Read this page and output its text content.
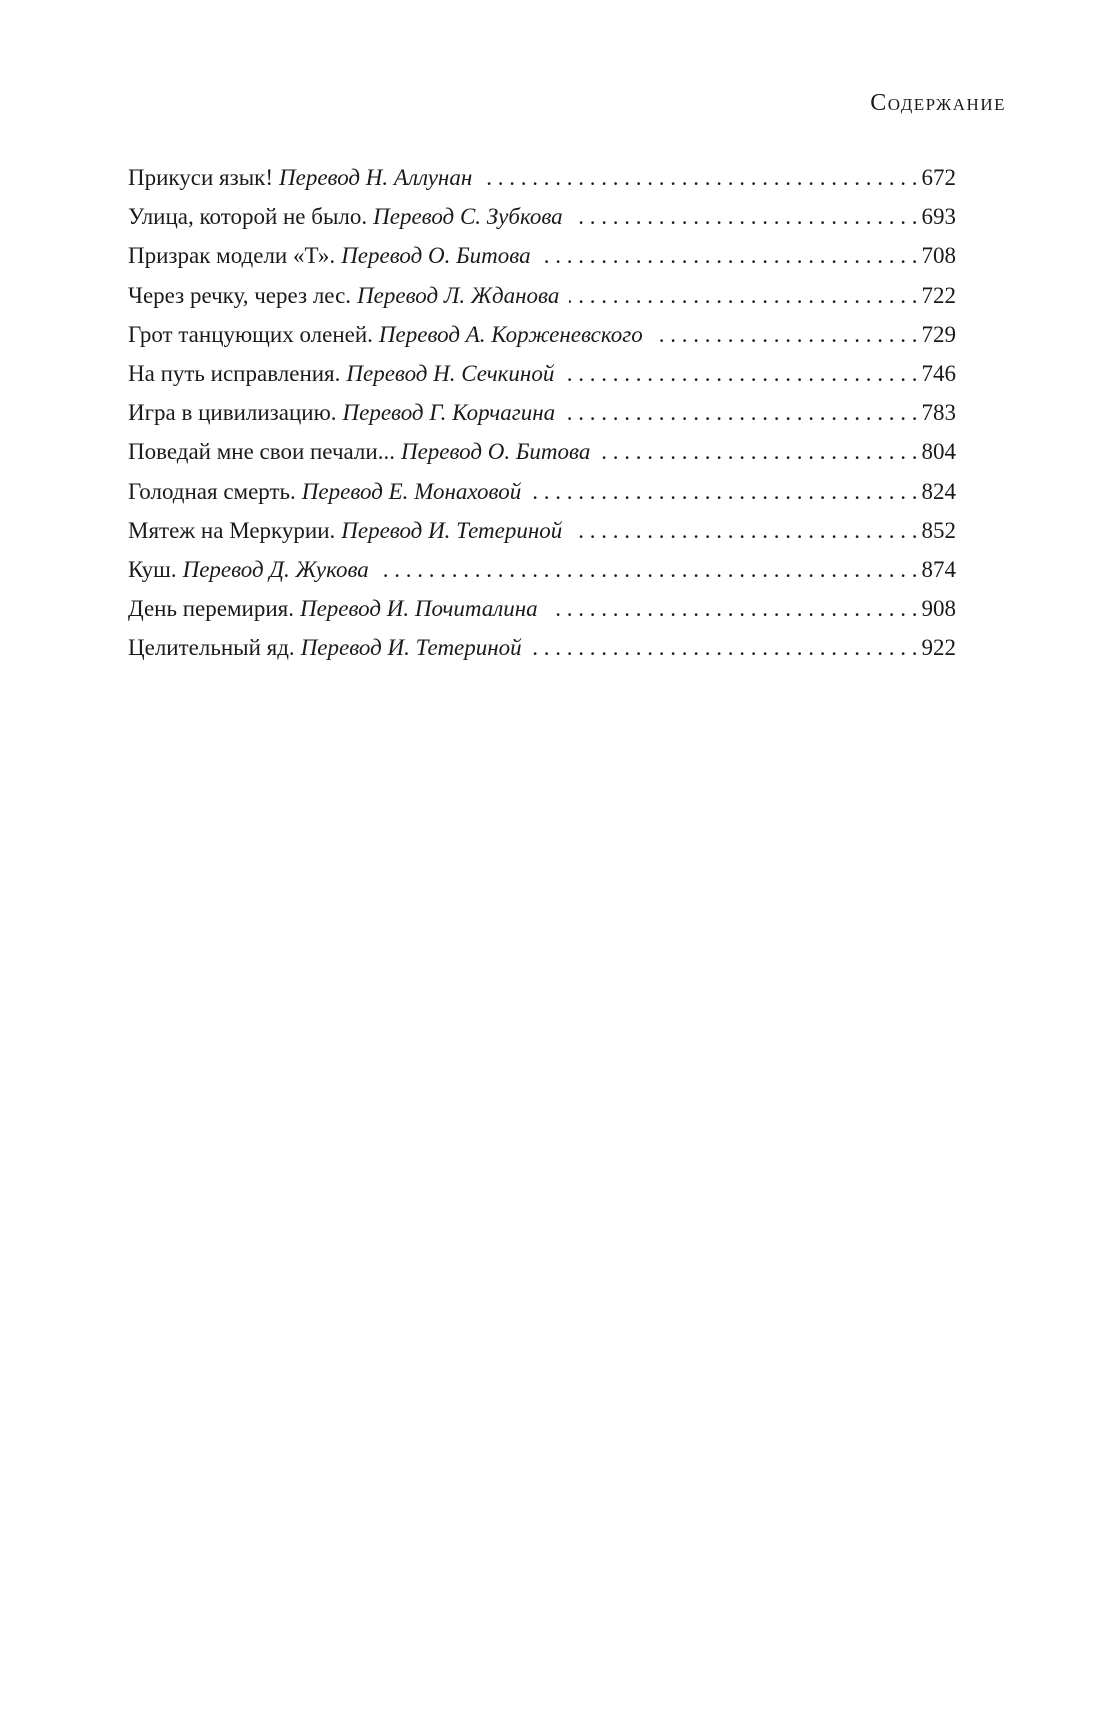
Содержание
Прикуси язык! Перевод Н. Аллунан . . .	672
Улица, которой не было. Перевод С. Зубкова . . .	693
Призрак модели «Т». Перевод О. Битова . . .	708
Через речку, через лес. Перевод Л. Жданова . . .	722
Грот танцующих оленей. Перевод А. Корженевского . . .	729
На путь исправления. Перевод Н. Сечкиной . . .	746
Игра в цивилизацию. Перевод Г. Корчагина . . .	783
Поведай мне свои печали... Перевод О. Битова . . .	804
Голодная смерть. Перевод Е. Монаховой . . .	824
Мятеж на Меркурии. Перевод И. Тетериной . . .	852
Куш. Перевод Д. Жукова . . .	874
День перемирия. Перевод И. Почиталина . . .	908
Целительный яд. Перевод И. Тетериной . . .	922
